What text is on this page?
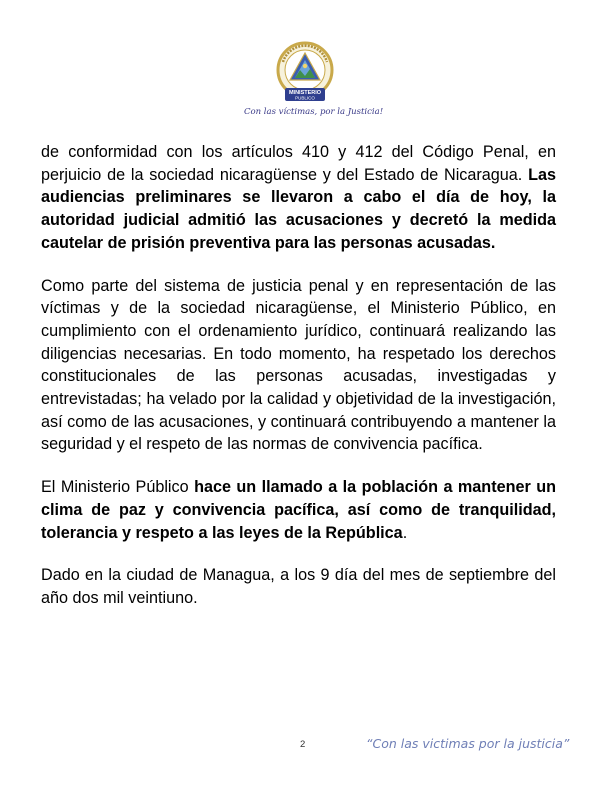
MINISTERIO
PUBLICO
Con las víctimas, por la Justicia!

de conformidad con los artículos 410 y 412 del Código Penal, en perjuicio de la sociedad nicaragüense y del Estado de Nicaragua. Las audiencias preliminares se llevaron a cabo el día de hoy, la autoridad judicial admitió las acusaciones y decretó la medida cautelar de prisión preventiva para las personas acusadas.

Como parte del sistema de justicia penal y en representación de las víctimas y de la sociedad nicaragüense, el Ministerio Público, en cumplimiento con el ordenamiento jurídico, continuará realizando las diligencias necesarias. En todo momento, ha respetado los derechos constitucionales de las personas acusadas, investigadas y entrevistadas; ha velado por la calidad y objetividad de la investigación, así como de las acusaciones, y continuará contribuyendo a mantener la seguridad y el respeto de las normas de convivencia pacífica.

El Ministerio Público hace un llamado a la población a mantener un clima de paz y convivencia pacífica, así como de tranquilidad, tolerancia y respeto a las leyes de la República.

Dado en la ciudad de Managua, a los 9 día del mes de septiembre del año dos mil veintiuno.

2	“Con las victimas por la justicia”
